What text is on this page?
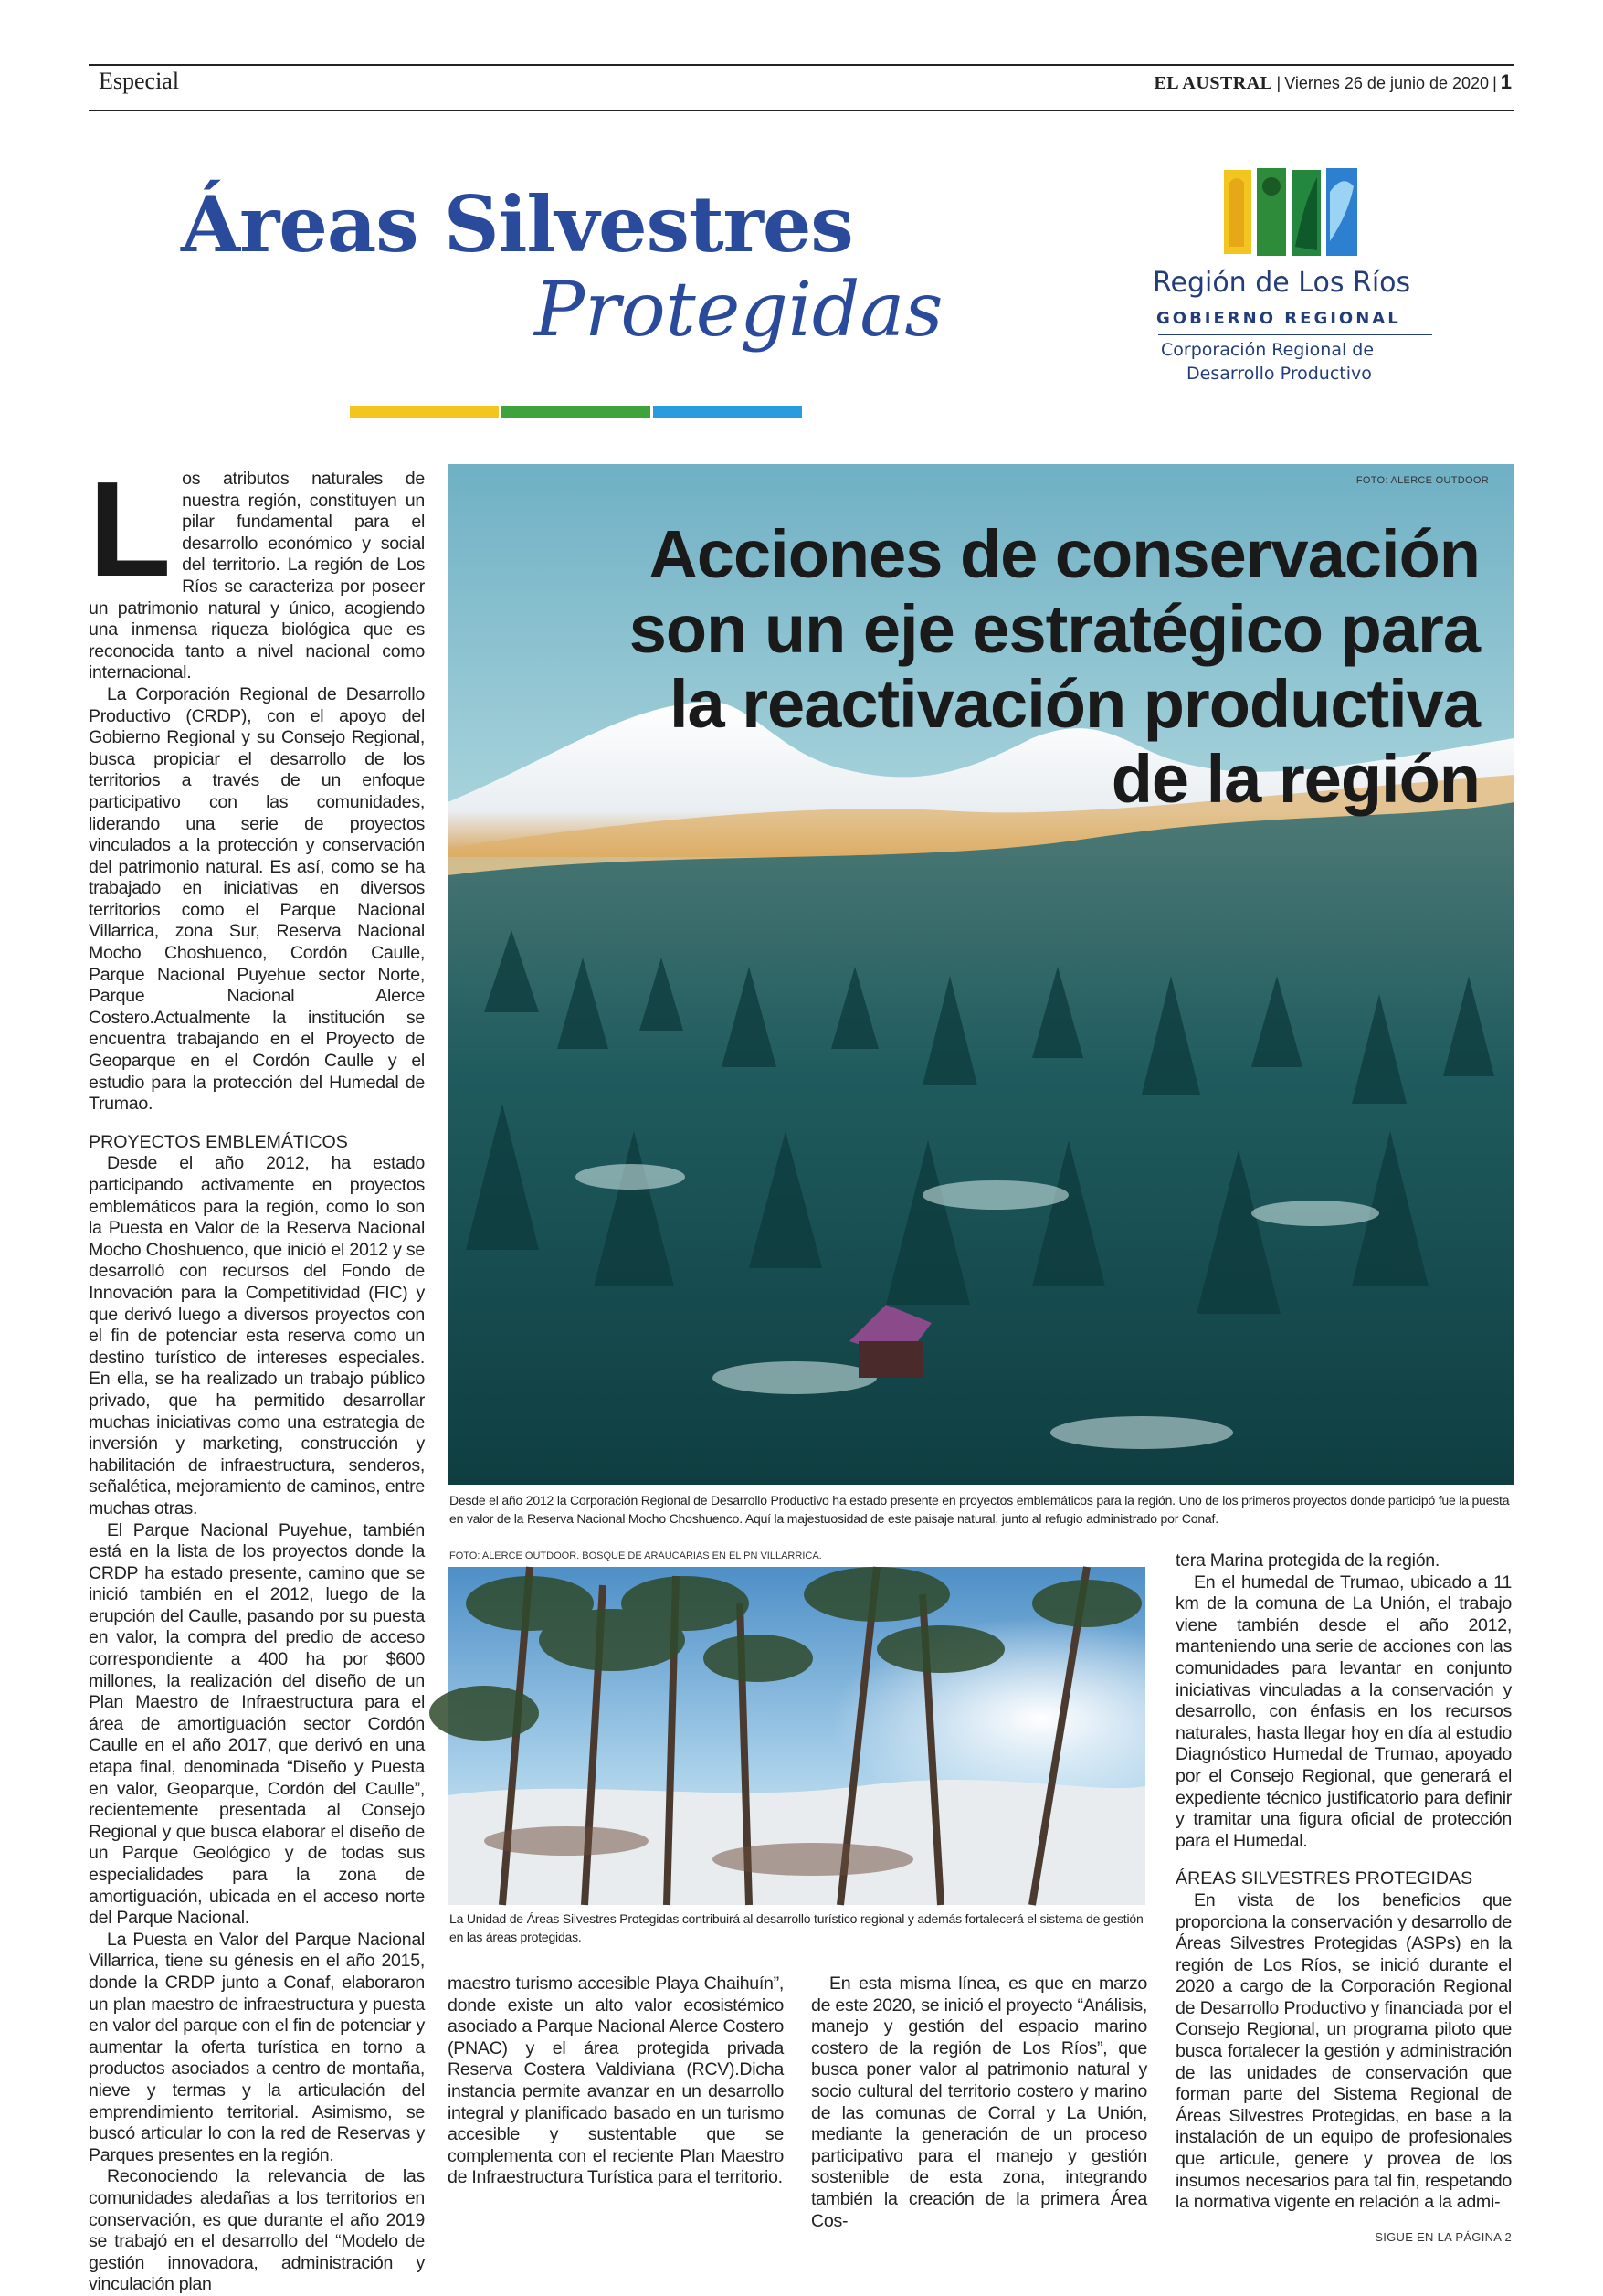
Especial	EL AUSTRAL | Viernes 26 de junio de 2020 | 1
Áreas Silvestres
Protegidas	Región de Los Ríos
GOBIERNO REGIONAL
Corporación Regional de
Desarrollo Productivo
FOTO: ALERCE OUTDOOR
Acciones de conservación
son un eje estratégico para
la reactivación productiva
de la región
Desde el año 2012 la Corporación Regional de Desarrollo Productivo ha estado presente en proyectos emblemáticos para la región. Uno de los primeros proyectos donde participó fue la puesta en valor de la Reserva Nacional Mocho Choshuenco. Aquí la majestuosidad de este paisaje natural, junto al refugio administrado por Conaf.
FOTO: ALERCE OUTDOOR. BOSQUE DE ARAUCARIAS EN EL PN VILLARRICA.
La Unidad de Áreas Silvestres Protegidas contribuirá al desarrollo turístico regional y además fortalecerá el sistema de gestión en las áreas protegidas.
L os atributos naturales de nuestra región, constituyen un pilar fundamental para el desarrollo económico y social del territorio. La región de Los Ríos se caracteriza por poseer un patrimonio natural y único, acogiendo una inmensa riqueza biológica que es reconocida tanto a nivel nacional como internacional.

La Corporación Regional de Desarrollo Productivo (CRDP), con el apoyo del Gobierno Regional y su Consejo Regional, busca propiciar el desarrollo de los territorios a través de un enfoque participativo con las comunidades, liderando una serie de proyectos vinculados a la protección y conservación del patrimonio natural. Es así, como se ha trabajado en iniciativas en diversos territorios como el Parque Nacional Villarrica, zona Sur, Reserva Nacional Mocho Choshuenco, Cordón Caulle, Parque Nacional Puyehue sector Norte, Parque Nacional Alerce Costero.Actualmente la institución se encuentra trabajando en el Proyecto de Geoparque en el Cordón Caulle y el estudio para la protección del Humedal de Trumao.

PROYECTOS EMBLEMÁTICOS

Desde el año 2012, ha estado participando activamente en proyectos emblemáticos para la región, como lo son la Puesta en Valor de la Reserva Nacional Mocho Choshuenco, que inició el 2012 y se desarrolló con recursos del Fondo de Innovación para la Competitividad (FIC) y que derivó luego a diversos proyectos con el fin de potenciar esta reserva como un destino turístico de intereses especiales. En ella, se ha realizado un trabajo público privado, que ha permitido desarrollar muchas iniciativas como una estrategia de inversión y marketing, construcción y habilitación de infraestructura, senderos, señalética, mejoramiento de caminos, entre muchas otras.

El Parque Nacional Puyehue, también está en la lista de los proyectos donde la CRDP ha estado presente, camino que se inició también en el 2012, luego de la erupción del Caulle, pasando por su puesta en valor, la compra del predio de acceso correspondiente a 400 ha por $600 millones, la realización del diseño de un Plan Maestro de Infraestructura para el área de amortiguación sector Cordón Caulle en el año 2017, que derivó en una etapa final, denominada “Diseño y Puesta en valor, Geoparque, Cordón del Caulle”, recientemente presentada al Consejo Regional y que busca elaborar el diseño de un Parque Geológico y de todas sus especialidades para la zona de amortiguación, ubicada en el acceso norte del Parque Nacional.

La Puesta en Valor del Parque Nacional Villarrica, tiene su génesis en el año 2015, donde la CRDP junto a Conaf, elaboraron un plan maestro de infraestructura y puesta en valor del parque con el fin de potenciar y aumentar la oferta turística en torno a productos asociados a centro de montaña, nieve y termas y la articulación del emprendimiento territorial. Asimismo, se buscó articular lo con la red de Reservas y Parques presentes en la región.

Reconociendo la relevancia de las comunidades aledañas a los territorios en conservación, es que durante el año 2019 se trabajó en el desarrollo del “Modelo de gestión innovadora, administración y vinculación plan

maestro turismo accesible Playa Chaihuín”, donde existe un alto valor ecosistémico asociado a Parque Nacional Alerce Costero (PNAC) y el área protegida privada Reserva Costera Valdiviana (RCV).Dicha instancia permite avanzar en un desarrollo integral y planificado basado en un turismo accesible y sustentable que se complementa con el reciente Plan Maestro de Infraestructura Turística para el territorio.

En esta misma línea, es que en marzo de este 2020, se inició el proyecto “Análisis, manejo y gestión del espacio marino costero de la región de Los Ríos”, que busca poner valor al patrimonio natural y socio cultural del territorio costero y marino de las comunas de Corral y La Unión, mediante la generación de un proceso participativo para el manejo y gestión sostenible de esta zona, integrando también la creación de la primera Área Cos-

tera Marina protegida de la región.

En el humedal de Trumao, ubicado a 11 km de la comuna de La Unión, el trabajo viene también desde el año 2012, manteniendo una serie de acciones con las comunidades para levantar en conjunto iniciativas vinculadas a la conservación y desarrollo, con énfasis en los recursos naturales, hasta llegar hoy en día al estudio Diagnóstico Humedal de Trumao, apoyado por el Consejo Regional, que generará el expediente técnico justificatorio para definir y tramitar una figura oficial de protección para el Humedal.

ÁREAS SILVESTRES PROTEGIDAS

En vista de los beneficios que proporciona la conservación y desarrollo de Áreas Silvestres Protegidas (ASPs) en la región de Los Ríos, se inició durante el 2020 a cargo de la Corporación Regional de Desarrollo Productivo y financiada por el Consejo Regional, un programa piloto que busca fortalecer la gestión y administración de las unidades de conservación que forman parte del Sistema Regional de Áreas Silvestres Protegidas, en base a la instalación de un equipo de profesionales que articule, genere y provea de los insumos necesarios para tal fin, respetando la normativa vigente en relación a la admi-

SIGUE EN LA PÁGINA 2
